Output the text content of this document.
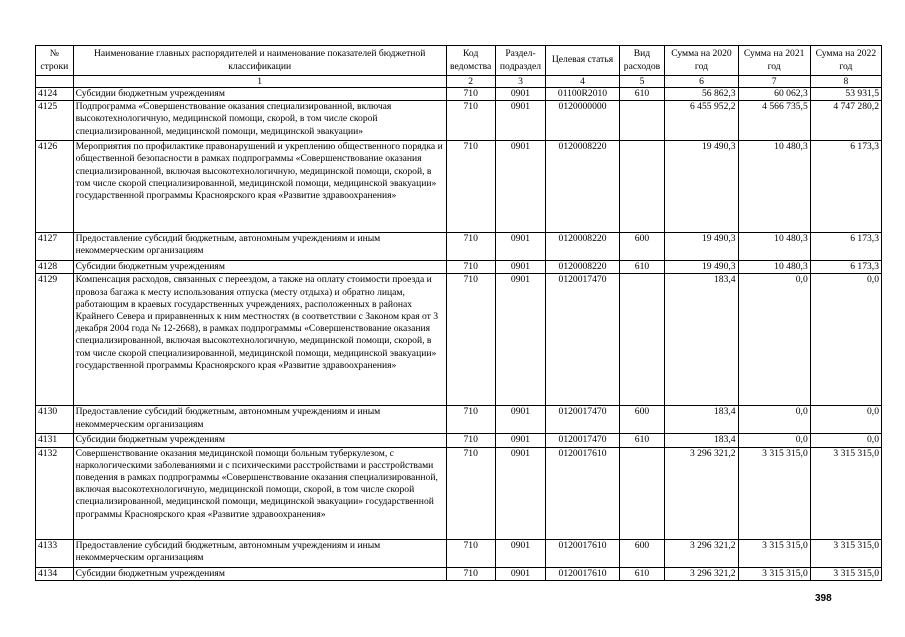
№ строки	Наименование главных распорядителей и наименование показателей бюджетной классификации	Код ведомства	Раздел-подраздел	Целевая статья	Вид расходов	Сумма на 2020 год	Сумма на 2021 год	Сумма на 2022 год
	1	2	3	4	5	6	7	8
4124	Субсидии бюджетным учреждениям	710	0901	01100R2010	610	56 862,3	60 062,3	53 931,5
4125	Подпрограмма «Совершенствование оказания специализированной, включая высокотехнологичную, медицинской помощи, скорой, в том числе скорой специализированной, медицинской помощи, медицинской эвакуации»	710	0901	0120000000		6 455 952,2	4 566 735,5	4 747 280,2
4126	Мероприятия по профилактике правонарушений и укреплению общественного порядка и общественной безопасности в рамках подпрограммы «Совершенствование оказания специализированной, включая высокотехнологичную, медицинской помощи, скорой, в том числе скорой специализированной, медицинской помощи, медицинской эвакуации» государственной программы Красноярского края «Развитие здравоохранения»	710	0901	0120008220		19 490,3	10 480,3	6 173,3
4127	Предоставление субсидий бюджетным, автономным учреждениям и иным некоммерческим организациям	710	0901	0120008220	600	19 490,3	10 480,3	6 173,3
4128	Субсидии бюджетным учреждениям	710	0901	0120008220	610	19 490,3	10 480,3	6 173,3
4129	Компенсация расходов, связанных с переездом, а также на оплату стоимости проезда и провоза багажа к месту использования отпуска (месту отдыха) и обратно лицам, работающим в краевых государственных учреждениях, расположенных в районах Крайнего Севера и приравненных к ним местностях (в соответствии с Законом края от 3 декабря 2004 года № 12-2668), в рамках подпрограммы «Совершенствование оказания специализированной, включая высокотехнологичную, медицинской помощи, скорой, в том числе скорой специализированной, медицинской помощи, медицинской эвакуации» государственной программы Красноярского края «Развитие здравоохранения»	710	0901	0120017470		183,4	0,0	0,0
4130	Предоставление субсидий бюджетным, автономным учреждениям и иным некоммерческим организациям	710	0901	0120017470	600	183,4	0,0	0,0
4131	Субсидии бюджетным учреждениям	710	0901	0120017470	610	183,4	0,0	0,0
4132	Совершенствование оказания медицинской помощи больным туберкулезом, с наркологическими заболеваниями и с психическими расстройствами и расстройствами поведения в рамках подпрограммы «Совершенствование оказания специализированной, включая высокотехнологичную, медицинской помощи, скорой, в том числе скорой специализированной, медицинской помощи, медицинской эвакуации» государственной программы Красноярского края «Развитие здравоохранения»	710	0901	0120017610		3 296 321,2	3 315 315,0	3 315 315,0
4133	Предоставление субсидий бюджетным, автономным учреждениям и иным некоммерческим организациям	710	0901	0120017610	600	3 296 321,2	3 315 315,0	3 315 315,0
4134	Субсидии бюджетным учреждениям	710	0901	0120017610	610	3 296 321,2	3 315 315,0	3 315 315,0
398
